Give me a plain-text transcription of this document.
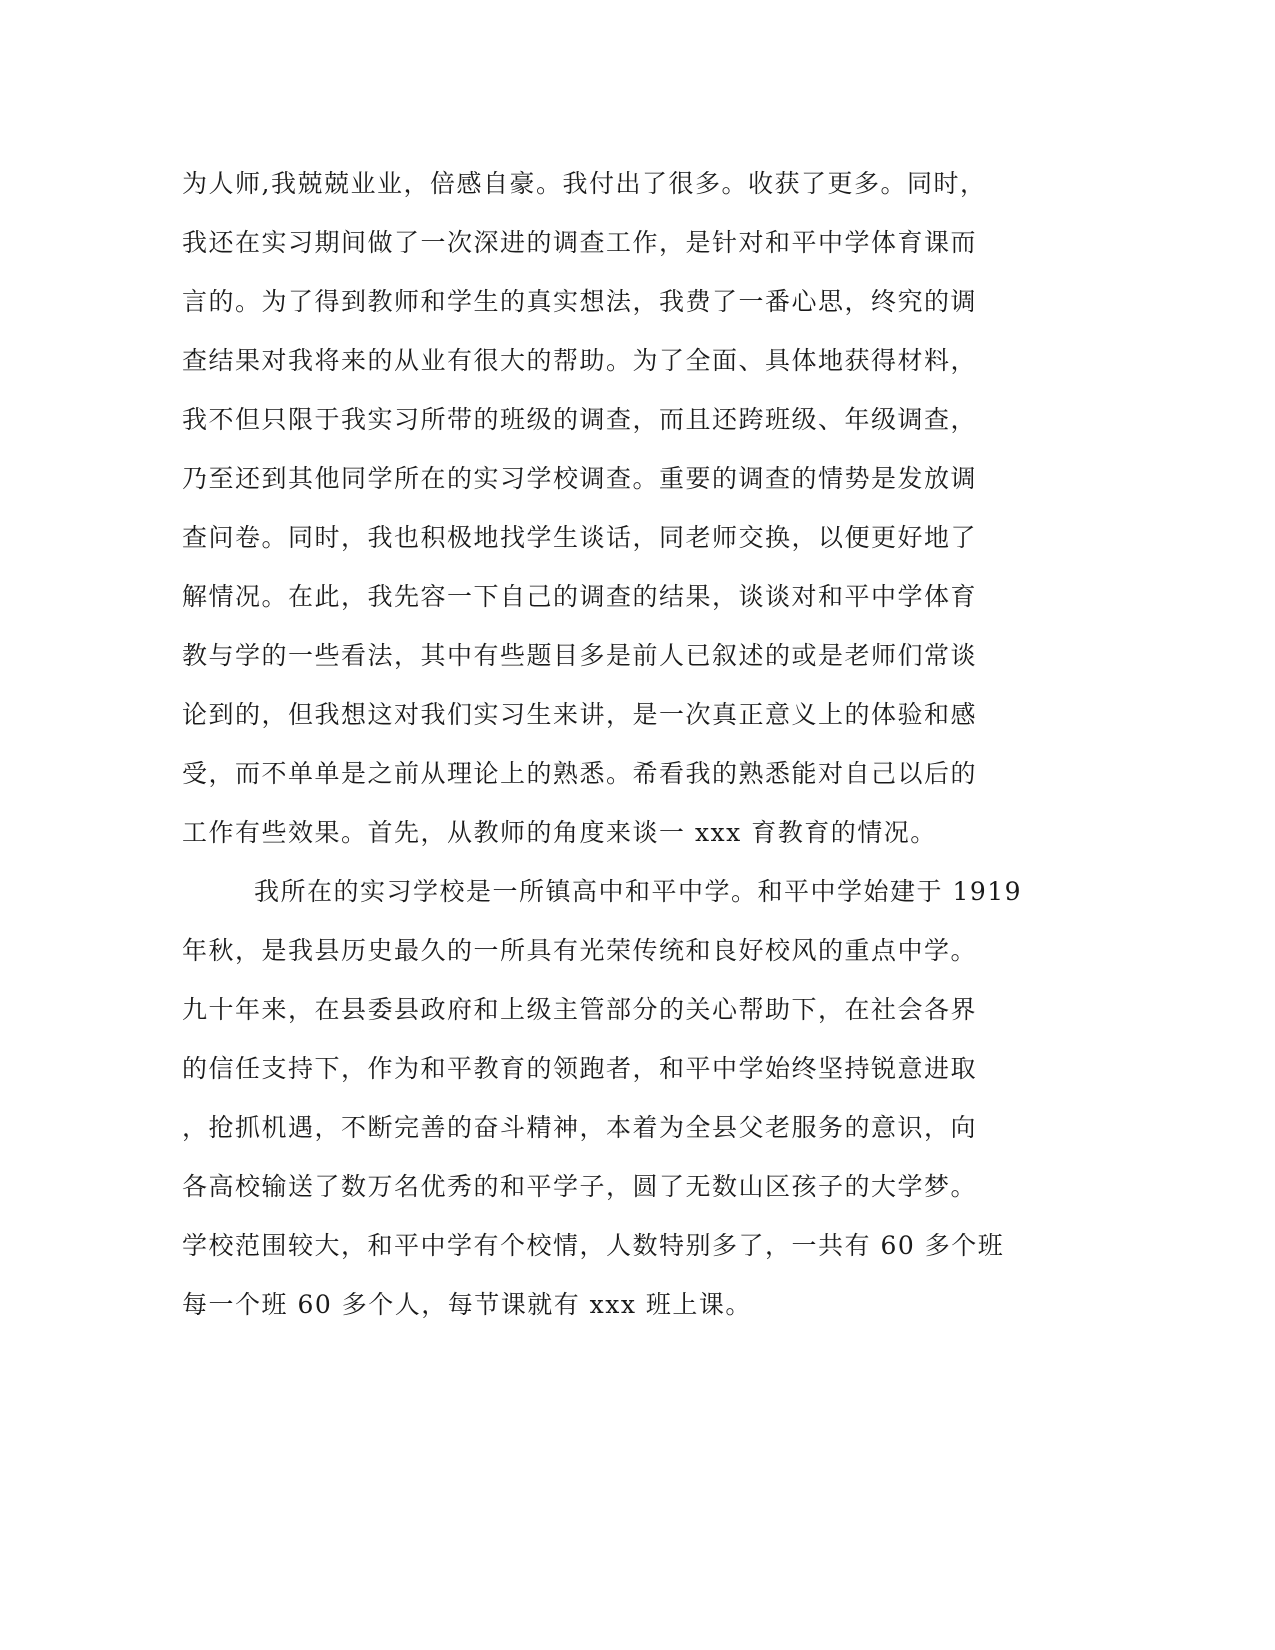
为人师,我兢兢业业，倍感自豪。我付出了很多。收获了更多。同时，
我还在实习期间做了一次深进的调查工作，是针对和平中学体育课而
言的。为了得到教师和学生的真实想法，我费了一番心思，终究的调
查结果对我将来的从业有很大的帮助。为了全面、具体地获得材料，
我不但只限于我实习所带的班级的调查，而且还跨班级、年级调查，
乃至还到其他同学所在的实习学校调查。重要的调查的情势是发放调
查问卷。同时，我也积极地找学生谈话，同老师交换，以便更好地了
解情况。在此，我先容一下自己的调查的结果，谈谈对和平中学体育
教与学的一些看法，其中有些题目多是前人已叙述的或是老师们常谈
论到的，但我想这对我们实习生来讲，是一次真正意义上的体验和感
受，而不单单是之前从理论上的熟悉。希看我的熟悉能对自己以后的
工作有些效果。首先，从教师的角度来谈一 xxx 育教育的情况。
我所在的实习学校是一所镇高中和平中学。和平中学始建于 1919
年秋，是我县历史最久的一所具有光荣传统和良好校风的重点中学。
九十年来，在县委县政府和上级主管部分的关心帮助下，在社会各界
的信任支持下，作为和平教育的领跑者，和平中学始终坚持锐意进取
，抢抓机遇，不断完善的奋斗精神，本着为全县父老服务的意识，向
各高校输送了数万名优秀的和平学子，圆了无数山区孩子的大学梦。
学校范围较大，和平中学有个校情，人数特别多了，一共有 60 多个班
每一个班 60 多个人，每节课就有 xxx 班上课。
